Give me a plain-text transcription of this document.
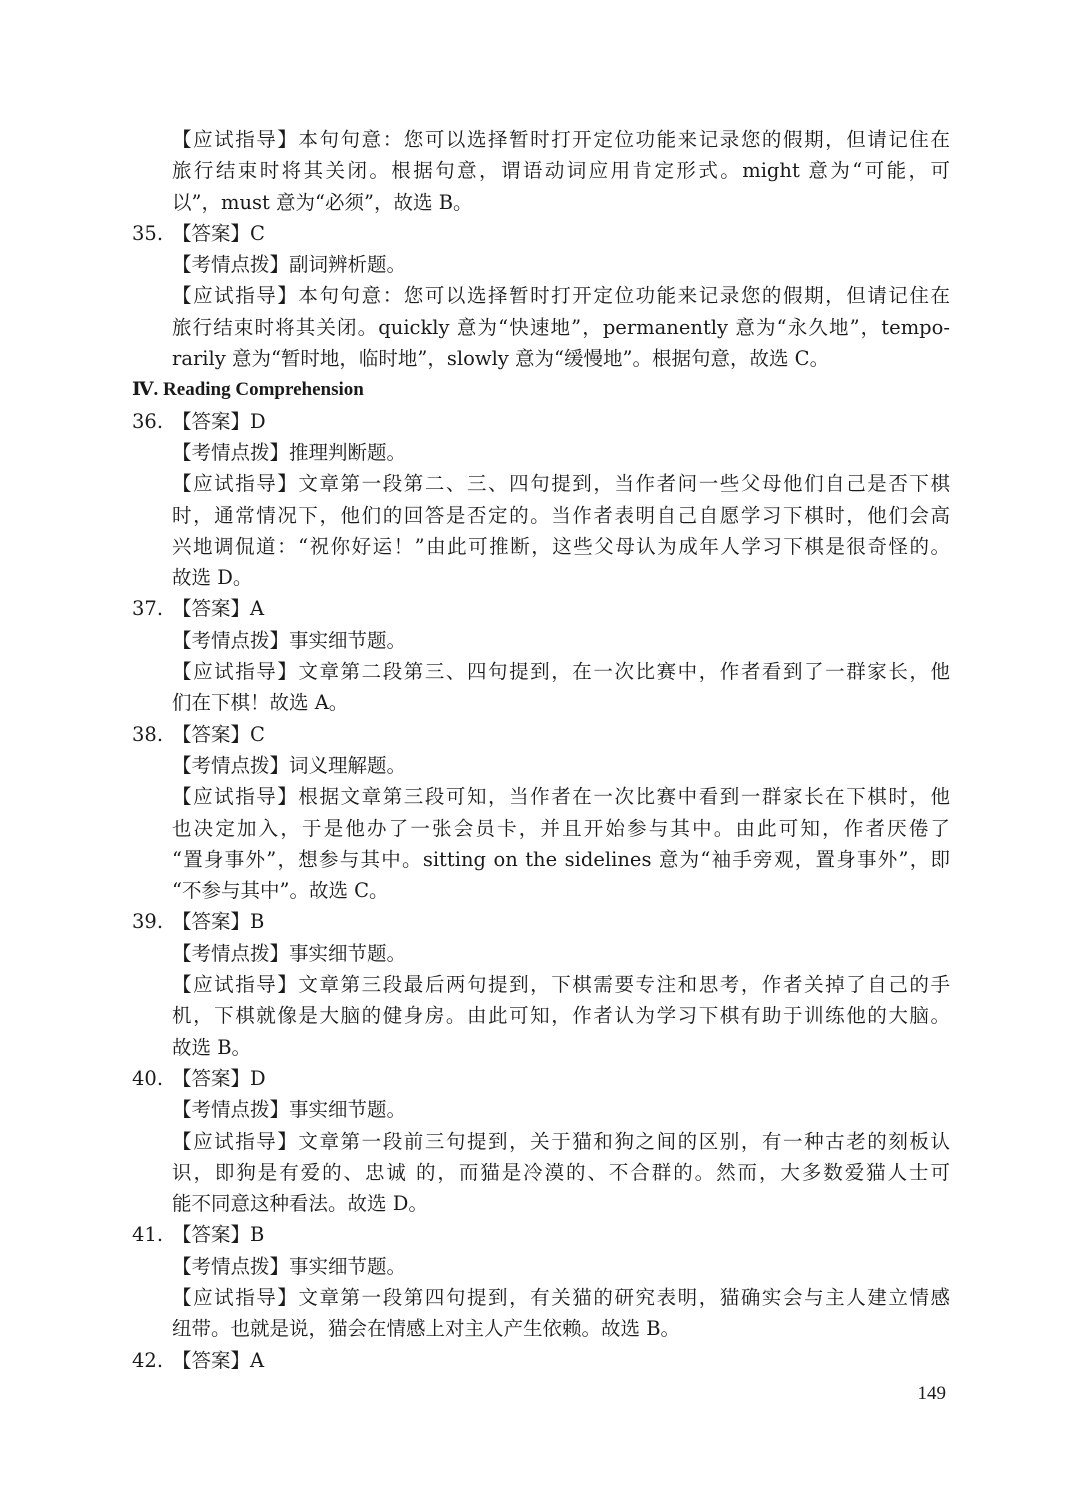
【应试指导】本句句意：您可以选择暂时打开定位功能来记录您的假期，但请记住在
旅行结束时将其关闭。根据句意，谓语动词应用肯定形式。might 意为“可能，可
以”，must 意为“必须”，故选 B。
35. 【答案】C
【考情点拨】副词辨析题。
【应试指导】本句句意：您可以选择暂时打开定位功能来记录您的假期，但请记住在
旅行结束时将其关闭。quickly 意为“快速地”，permanently 意为“永久地”，tempo-
rarily 意为“暂时地，临时地”，slowly 意为“缓慢地”。根据句意，故选 C。
Ⅳ. Reading Comprehension
36. 【答案】D
【考情点拨】推理判断题。
【应试指导】文章第一段第二、三、四句提到，当作者问一些父母他们自己是否下棋
时，通常情况下，他们的回答是否定的。当作者表明自己自愿学习下棋时，他们会高
兴地调侃道：“祝你好运！”由此可推断，这些父母认为成年人学习下棋是很奇怪的。
故选 D。
37. 【答案】A
【考情点拨】事实细节题。
【应试指导】文章第二段第三、四句提到，在一次比赛中，作者看到了一群家长，他
们在下棋！故选 A。
38. 【答案】C
【考情点拨】词义理解题。
【应试指导】根据文章第三段可知，当作者在一次比赛中看到一群家长在下棋时，他
也决定加入，于是他办了一张会员卡，并且开始参与其中。由此可知，作者厌倦了
“置身事外”，想参与其中。sitting on the sidelines 意为“袖手旁观，置身事外”，即
“不参与其中”。故选 C。
39. 【答案】B
【考情点拨】事实细节题。
【应试指导】文章第三段最后两句提到，下棋需要专注和思考，作者关掉了自己的手
机，下棋就像是大脑的健身房。由此可知，作者认为学习下棋有助于训练他的大脑。
故选 B。
40. 【答案】D
【考情点拨】事实细节题。
【应试指导】文章第一段前三句提到，关于猫和狗之间的区别，有一种古老的刻板认
识，即狗是有爱的、忠诚 的，而猫是冷漠的、不合群的。然而，大多数爱猫人士可
能不同意这种看法。故选 D。
41. 【答案】B
【考情点拨】事实细节题。
【应试指导】文章第一段第四句提到，有关猫的研究表明，猫确实会与主人建立情感
纽带。也就是说，猫会在情感上对主人产生依赖。故选 B。
42. 【答案】A
149
